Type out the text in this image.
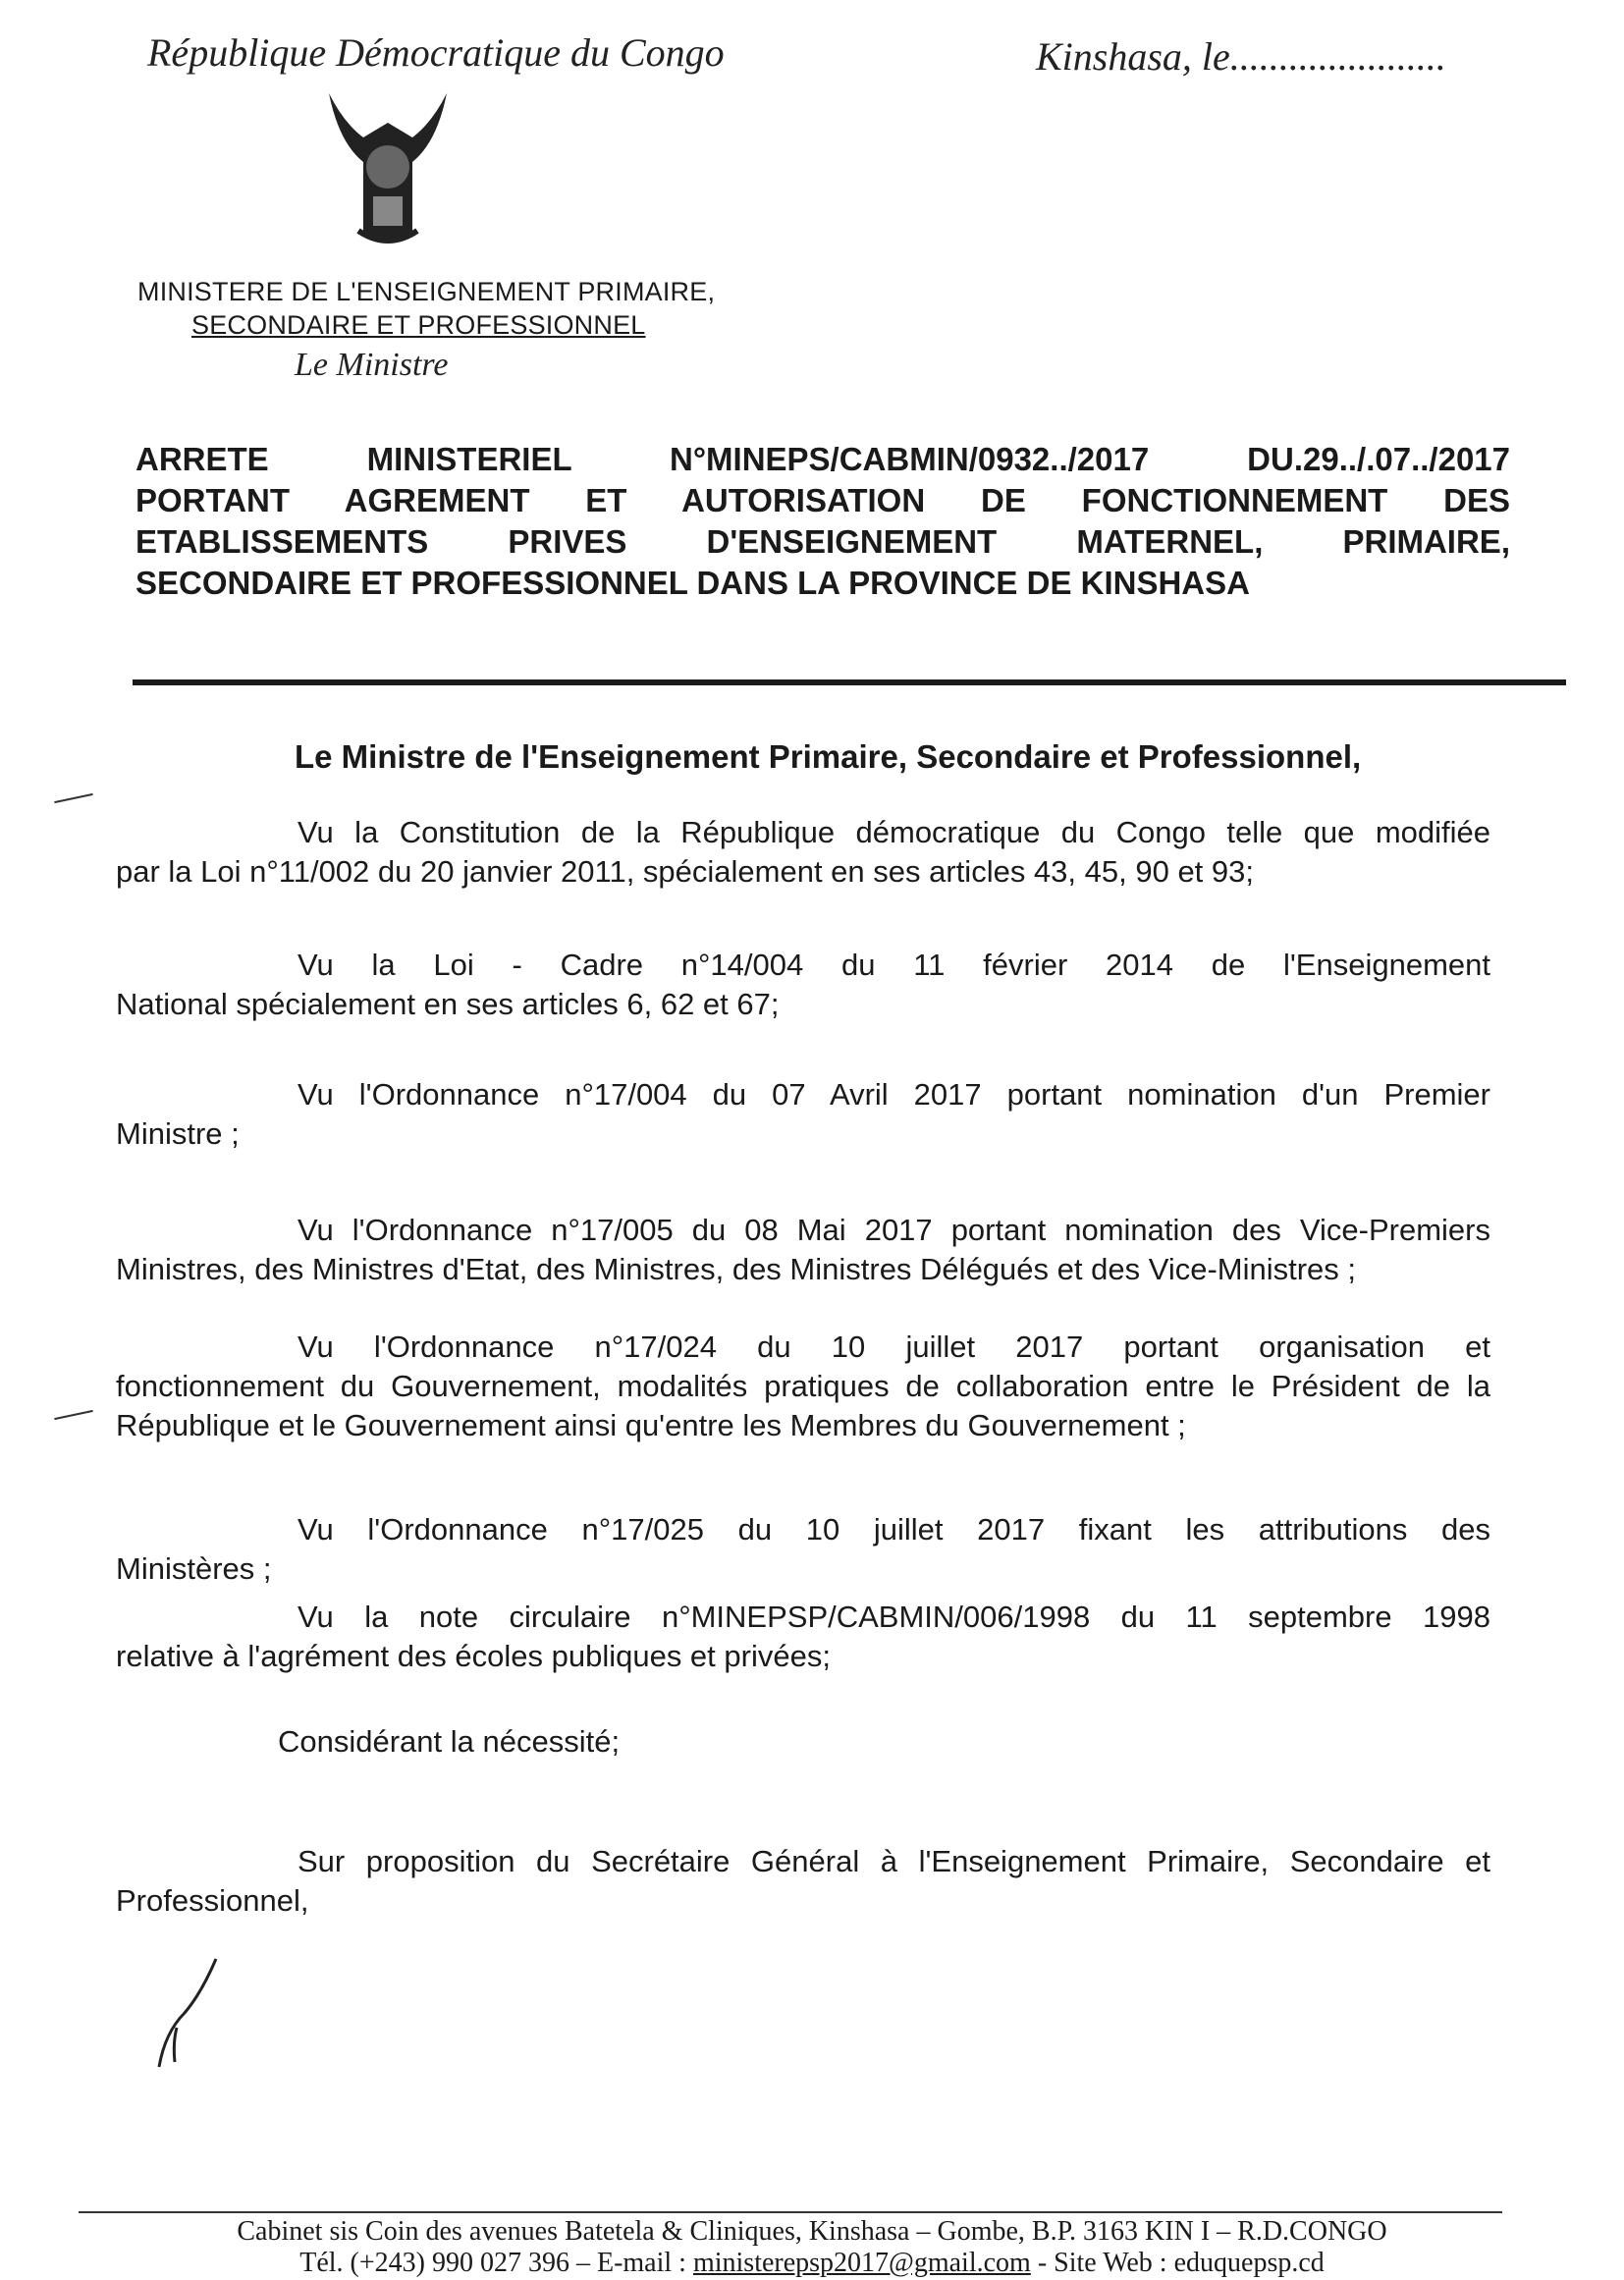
République Démocratique du Congo	Kinshasa, le......................
MINISTERE DE L'ENSEIGNEMENT PRIMAIRE,
SECONDAIRE ET PROFESSIONNEL
Le Ministre
ARRETE MINISTERIEL N°MINEPS/CABMIN/0932../2017 DU.29../.07../2017
PORTANT AGREMENT ET AUTORISATION DE FONCTIONNEMENT DES
ETABLISSEMENTS PRIVES D'ENSEIGNEMENT MATERNEL, PRIMAIRE,
SECONDAIRE ET PROFESSIONNEL DANS LA PROVINCE DE KINSHASA
Le Ministre de l'Enseignement Primaire, Secondaire et Professionnel,
Vu la Constitution de la République démocratique du Congo telle que modifiée
par la Loi n°11/002 du 20 janvier 2011, spécialement en ses articles 43, 45, 90 et 93;
Vu la Loi - Cadre n°14/004 du 11 février 2014 de l'Enseignement
National spécialement en ses articles 6, 62 et 67;
Vu l'Ordonnance n°17/004 du 07 Avril 2017 portant nomination d'un Premier
Ministre ;
Vu l'Ordonnance n°17/005 du 08 Mai 2017 portant nomination des Vice-Premiers
Ministres, des Ministres d'Etat, des Ministres, des Ministres Délégués et des Vice-Ministres ;
Vu l'Ordonnance n°17/024 du 10 juillet 2017 portant organisation et
fonctionnement du Gouvernement, modalités pratiques de collaboration entre le Président de la République et le Gouvernement ainsi qu'entre les Membres du Gouvernement ;
Vu l'Ordonnance n°17/025 du 10 juillet 2017 fixant les attributions des
Ministères ;
Vu la note circulaire n°MINEPSP/CABMIN/006/1998 du 11 septembre 1998
relative à l'agrément des écoles publiques et privées;
Considérant la nécessité;
Sur proposition du Secrétaire Général à l'Enseignement Primaire, Secondaire et
Professionnel,
Cabinet sis Coin des avenues Batetela & Cliniques, Kinshasa – Gombe, B.P. 3163 KIN I – R.D.CONGO
Tél. (+243) 990 027 396 – E-mail : ministerepsp2017@gmail.com - Site Web : eduquepsp.cd
